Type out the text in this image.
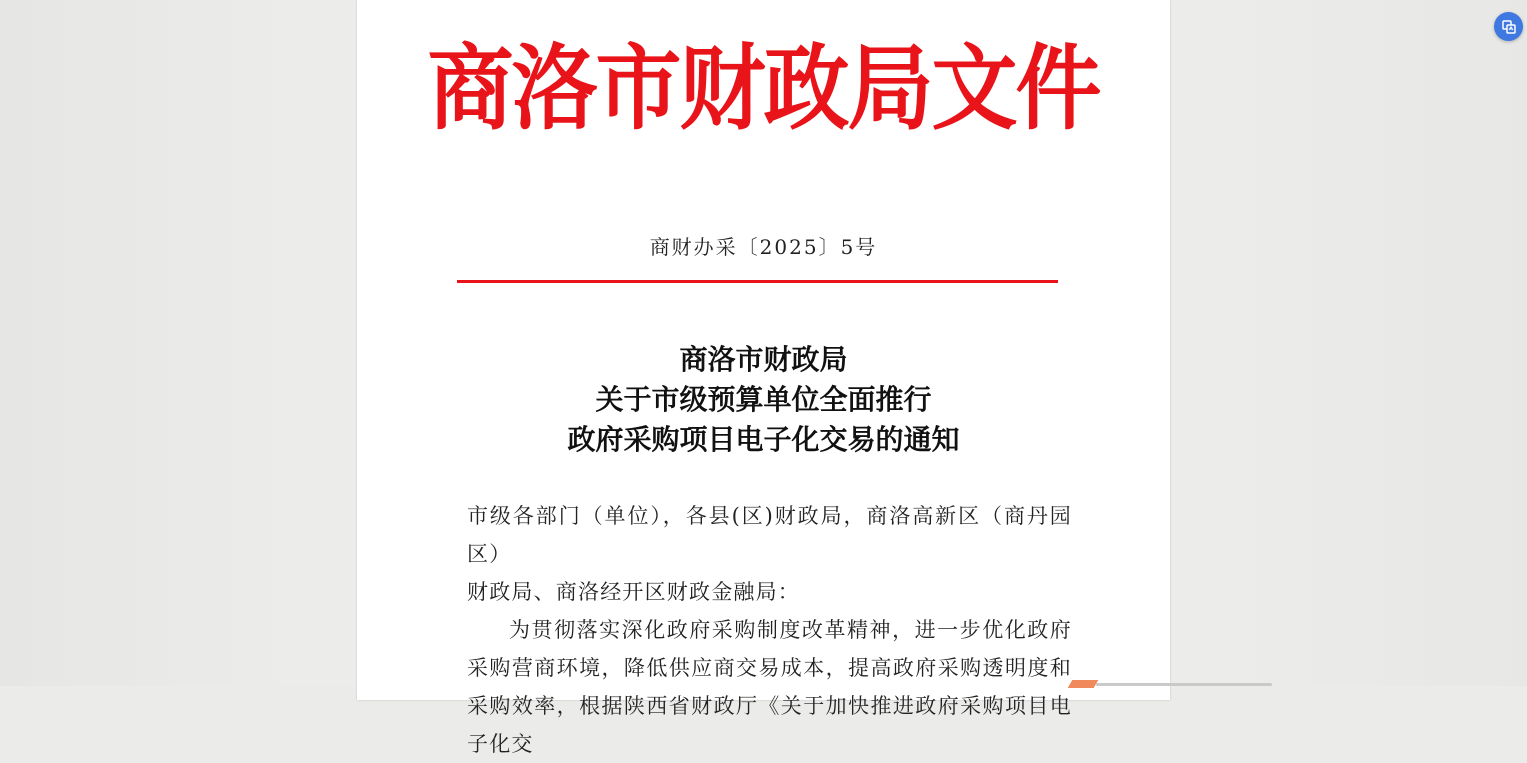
商洛市财政局文件
商财办采〔2025〕5号
商洛市财政局
关于市级预算单位全面推行
政府采购项目电子化交易的通知
市级各部门（单位），各县(区)财政局，商洛高新区（商丹园区）
财政局、商洛经开区财政金融局：
为贯彻落实深化政府采购制度改革精神，进一步优化政府采购营商环境，降低供应商交易成本，提高政府采购透明度和采购效率，根据陕西省财政厅《关于加快推进政府采购项目电子化交
